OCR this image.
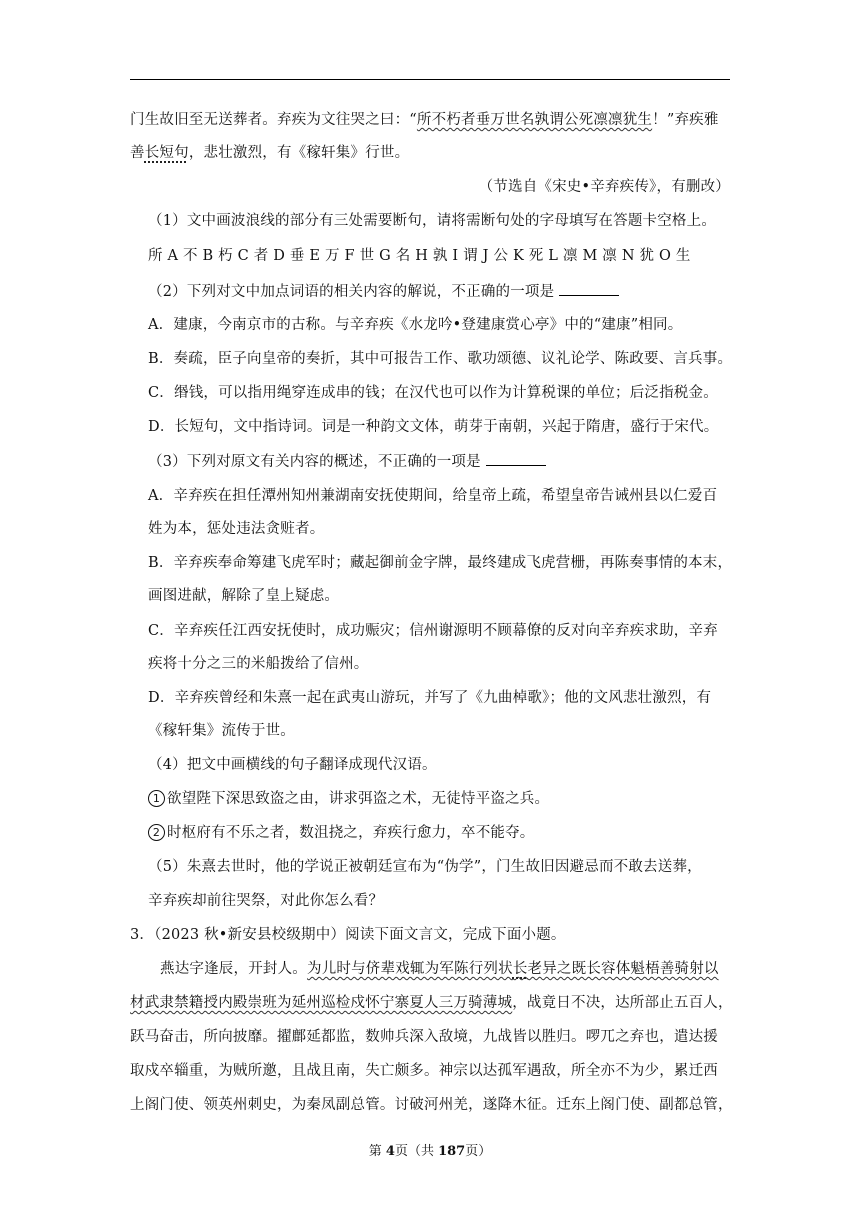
门生故旧至无送葬者。弃疾为文往哭之曰：“所不朽者垂万世名孰谓公死凛凛犹生！”弃疾雅
善长短句，悲壮激烈，有《稼轩集》行世。
（节选自《宋史•辛弃疾传》，有删改）
（1）文中画波浪线的部分有三处需要断句，请将需断句处的字母填写在答题卡空格上。
所 A 不 B 朽 C 者 D 垂 E 万 F 世 G 名 H 孰 I 谓 J 公 K 死 L 凛 M 凛 N 犹 O 生
（2）下列对文中加点词语的相关内容的解说，不正确的一项是
A．建康，今南京市的古称。与辛弃疾《水龙吟•登建康赏心亭》中的“建康”相同。
B．奏疏，臣子向皇帝的奏折，其中可报告工作、歌功颂德、议礼论学、陈政要、言兵事。
C．缗钱，可以指用绳穿连成串的钱；在汉代也可以作为计算税课的单位；后泛指税金。
D．长短句，文中指诗词。词是一种韵文文体，萌芽于南朝，兴起于隋唐，盛行于宋代。
（3）下列对原文有关内容的概述，不正确的一项是
A．辛弃疾在担任潭州知州兼湖南安抚使期间，给皇帝上疏，希望皇帝告诫州县以仁爱百
姓为本，惩处违法贪赃者。
B．辛弃疾奉命筹建飞虎军时；藏起御前金字牌，最终建成飞虎营栅，再陈奏事情的本末，
画图进献，解除了皇上疑虑。
C．辛弃疾任江西安抚使时，成功赈灾；信州谢源明不顾幕僚的反对向辛弃疾求助，辛弃
疾将十分之三的米船拨给了信州。
D．辛弃疾曾经和朱熹一起在武夷山游玩，并写了《九曲棹歌》；他的文风悲壮激烈，有
《稼轩集》流传于世。
（4）把文中画横线的句子翻译成现代汉语。
1 欲望陛下深思致盗之由，讲求弭盗之术，无徒恃平盗之兵。
2 时枢府有不乐之者，数沮挠之，弃疾行愈力，卒不能夺。
（5）朱熹去世时，他的学说正被朝廷宣布为“伪学”，门生故旧因避忌而不敢去送葬，
辛弃疾却前往哭祭，对此你怎么看？
3．（2023 秋•新安县校级期中）阅读下面文言文，完成下面小题。
燕达字逢辰，开封人。为儿时与侪辈戏辄为军陈行列状长老异之既长容体魁梧善骑射以
材武隶禁籍授内殿崇班为延州巡检戍怀宁寨夏人三万骑薄城，战竟日不决，达所部止五百人，
跃马奋击，所向披靡。擢鄜延都监，数帅兵深入敌境，九战皆以胜归。啰兀之弃也，遣达援
取戍卒辎重，为贼所邀，且战且南，失亡颇多。神宗以达孤军遇敌，所全亦不为少，累迁西
上阁门使、领英州刺史，为秦凤副总管。讨破河州羌，遂降木征。迁东上阁门使、副都总管，
第 4页（共 187页）
